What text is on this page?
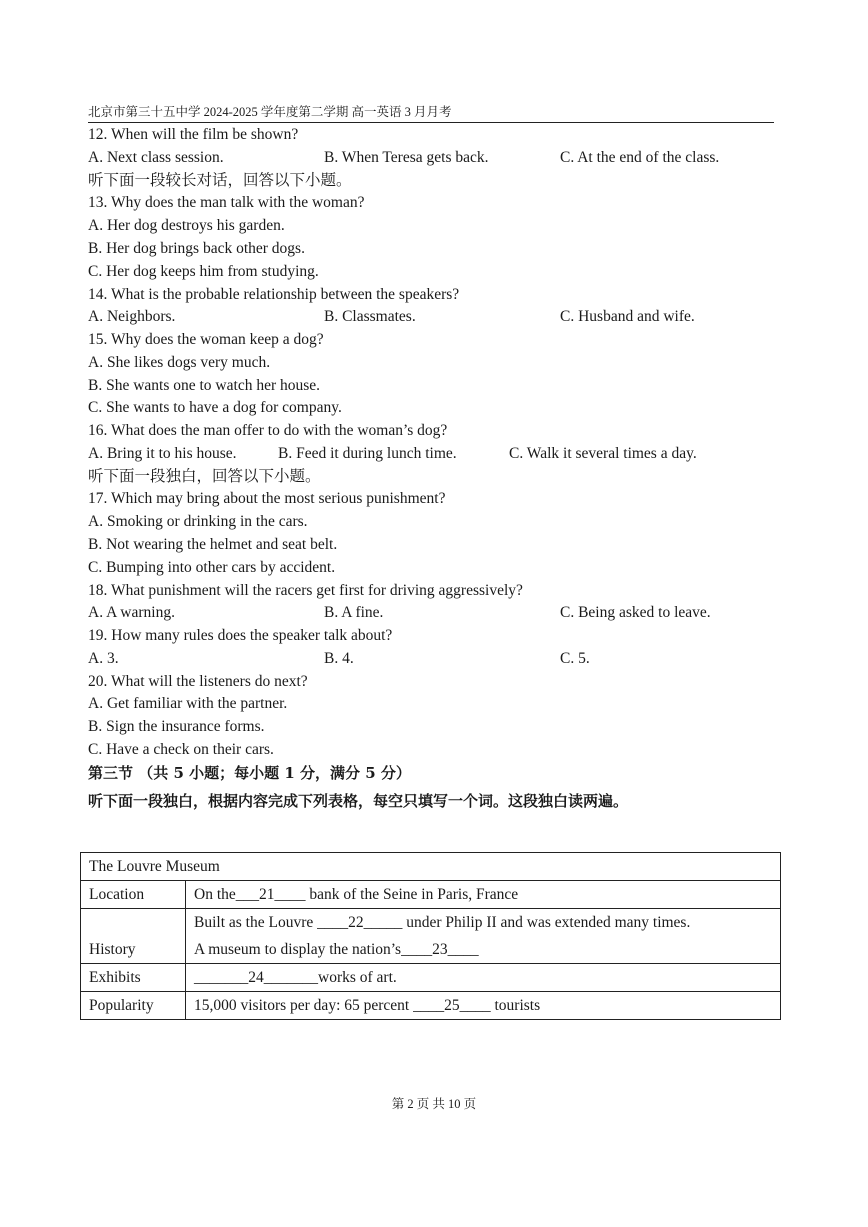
北京市第三十五中学 2024-2025 学年度第二学期 高一英语 3 月月考
12. When will the film be shown?
A. Next class session.	B. When Teresa gets back.	C. At the end of the class.
听下面一段较长对话，回答以下小题。
13. Why does the man talk with the woman?
A. Her dog destroys his garden.
B. Her dog brings back other dogs.
C. Her dog keeps him from studying.
14. What is the probable relationship between the speakers?
A. Neighbors.	B. Classmates.	C. Husband and wife.
15. Why does the woman keep a dog?
A. She likes dogs very much.
B. She wants one to watch her house.
C. She wants to have a dog for company.
16. What does the man offer to do with the woman’s dog?
A. Bring it to his house.	B. Feed it during lunch time.	C. Walk it several times a day.
听下面一段独白，回答以下小题。
17. Which may bring about the most serious punishment?
A. Smoking or drinking in the cars.
B. Not wearing the helmet and seat belt.
C. Bumping into other cars by accident.
18. What punishment will the racers get first for driving aggressively?
A. A warning.	B. A fine.	C. Being asked to leave.
19. How many rules does the speaker talk about?
A. 3.	B. 4.	C. 5.
20. What will the listeners do next?
A. Get familiar with the partner.
B. Sign the insurance forms.
C. Have a check on their cars.
第三节 （共 5 小题；每小题 1 分，满分 5 分）
听下面一段独白，根据内容完成下列表格，每空只填写一个词。这段独白读两遍。
The Louvre Museum	
Location	On the___21____ bank of the Seine in Paris, France
History	Built as the Louvre ____22_____ under Philip II and was extended many times.
A museum to display the nation’s____23____

Exhibits	_______24_______works of art.
Popularity	15,000 visitors per day: 65 percent ____25____ tourists
第 2 页 共 10 页
